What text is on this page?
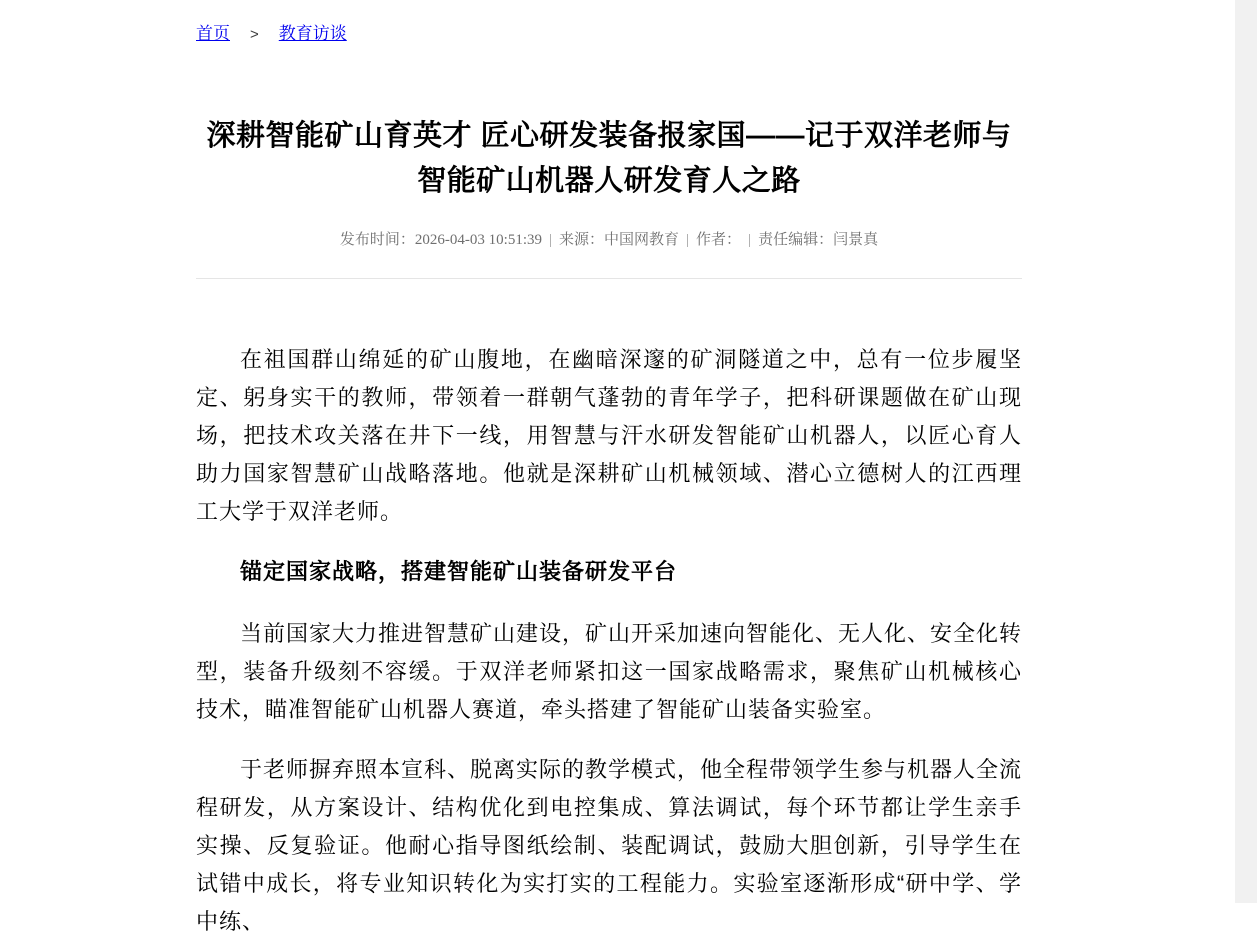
首页 > 教育访谈
深耕智能矿山育英才 匠心研发装备报家国——记于双洋老师与智能矿山机器人研发育人之路
发布时间：2026-04-03 10:51:39 | 来源：中国网教育 | 作者： | 责任编辑：闫景真

在祖国群山绵延的矿山腹地，在幽暗深邃的矿洞隧道之中，总有一位步履坚定、躬身实干的教师，带领着一群朝气蓬勃的青年学子，把科研课题做在矿山现场，把技术攻关落在井下一线，用智慧与汗水研发智能矿山机器人，以匠心育人助力国家智慧矿山战略落地。他就是深耕矿山机械领域、潜心立德树人的江西理工大学于双洋老师。

锚定国家战略，搭建智能矿山装备研发平台

当前国家大力推进智慧矿山建设，矿山开采加速向智能化、无人化、安全化转型，装备升级刻不容缓。于双洋老师紧扣这一国家战略需求，聚焦矿山机械核心技术，瞄准智能矿山机器人赛道，牵头搭建了智能矿山装备实验室。

于老师摒弃照本宣科、脱离实际的教学模式，他全程带领学生参与机器人全流程研发，从方案设计、结构优化到电控集成、算法调试，每个环节都让学生亲手实操、反复验证。他耐心指导图纸绘制、装配调试，鼓励大胆创新，引导学生在试错中成长，将专业知识转化为实打实的工程能力。实验室逐渐形成“研中学、学中练、
